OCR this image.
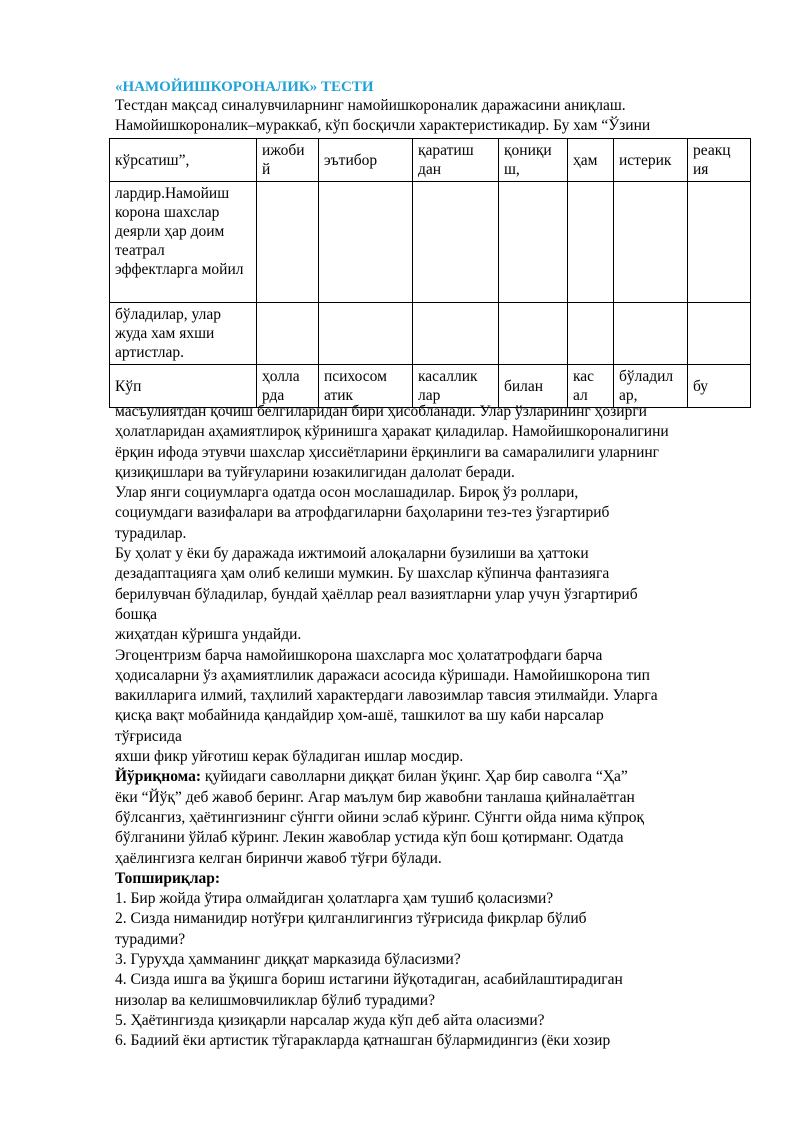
«НАМОЙИШКОРОНАЛИК» ТЕСТИ

Тестдан мақсад синалувчиларнинг намойишкороналик даражасини аниқлаш.

Намойишкороналик–мураккаб, кўп босқичли характеристикадир. Бу хам “Ўзини

кўрсатиш”,	ижоби й	эътибор	қаратиш дан	қониқи ш,	ҳам	истерик	реакц ия
лардир.Намойиш корона шахслар деярли ҳар доим театрал эффектларга мойил							
бўладилар, улар жуда хам яхши артистлар.							
Кўп	ҳолла рда	психосом атик	касаллик лар	билан	кас ал	бўладил ар,	бу

масъулиятдан қочиш белгиларидан бири ҳисобланади. Улар ўзларининг ҳозирги

ҳолатларидан аҳамиятлироқ кўринишга ҳаракат қиладилар. Намойишкороналигини

ёрқин ифода этувчи шахслар ҳиссиётларини ёрқинлиги ва самаралилиги уларнинг

қизиқишлари ва туйғуларини юзакилигидан далолат беради.

Улар янги социумларга одатда осон мослашадилар. Бироқ ўз роллари,

социумдаги вазифалари ва атрофдагиларни баҳоларини тез-тез ўзгартириб

турадилар.

Бу ҳолат у ёки бу даражада ижтимоий алоқаларни бузилиши ва ҳаттоки

дезадаптацияга ҳам олиб келиши мумкин. Бу шахслар кўпинча фантазияга

берилувчан бўладилар, бундай ҳаёллар реал вазиятларни улар учун ўзгартириб

бошқа

жиҳатдан кўришга ундайди.

Эгоцентризм барча намойишкорона шахсларга мос ҳолататрофдаги барча

ҳодисаларни ўз аҳамиятлилик даражаси асосида кўришади. Намойишкорона тип

вакилларига илмий, таҳлилий характердаги лавозимлар тавсия этилмайди. Уларга

қисқа вақт мобайнида қандайдир ҳом-ашё, ташкилот ва шу каби нарсалар

тўғрисида

яхши фикр уйғотиш керак бўладиган ишлар мосдир.

Йўриқнома: қуйидаги саволларни диққат билан ўқинг. Ҳар бир саволга “Ҳа”

ёки “Йўқ” деб жавоб беринг. Агар маълум бир жавобни танлаша қийналаётган

бўлсангиз, ҳаётингизнинг сўнгги ойини эслаб кўринг. Сўнгги ойда нима кўпроқ

бўлганини ўйлаб кўринг. Лекин жавоблар устида кўп бош қотирманг. Одатда

ҳаёлингизга келган биринчи жавоб тўғри бўлади.

Топшириқлар:

1. Бир жойда ўтира олмайдиган ҳолатларга ҳам тушиб қоласизми?

2. Сизда ниманидир нотўғри қилганлигингиз тўғрисида фикрлар бўлиб

турадими?

3. Гуруҳда ҳамманинг диққат марказида бўласизми?

4. Сизда ишга ва ўқишга бориш истагини йўқотадиган, асабийлаштирадиган

низолар ва келишмовчиликлар бўлиб турадими?

5. Ҳаётингизда қизиқарли нарсалар жуда кўп деб айта оласизми?

6. Бадиий ёки артистик тўгаракларда қатнашган бўлармидингиз (ёки хозир
